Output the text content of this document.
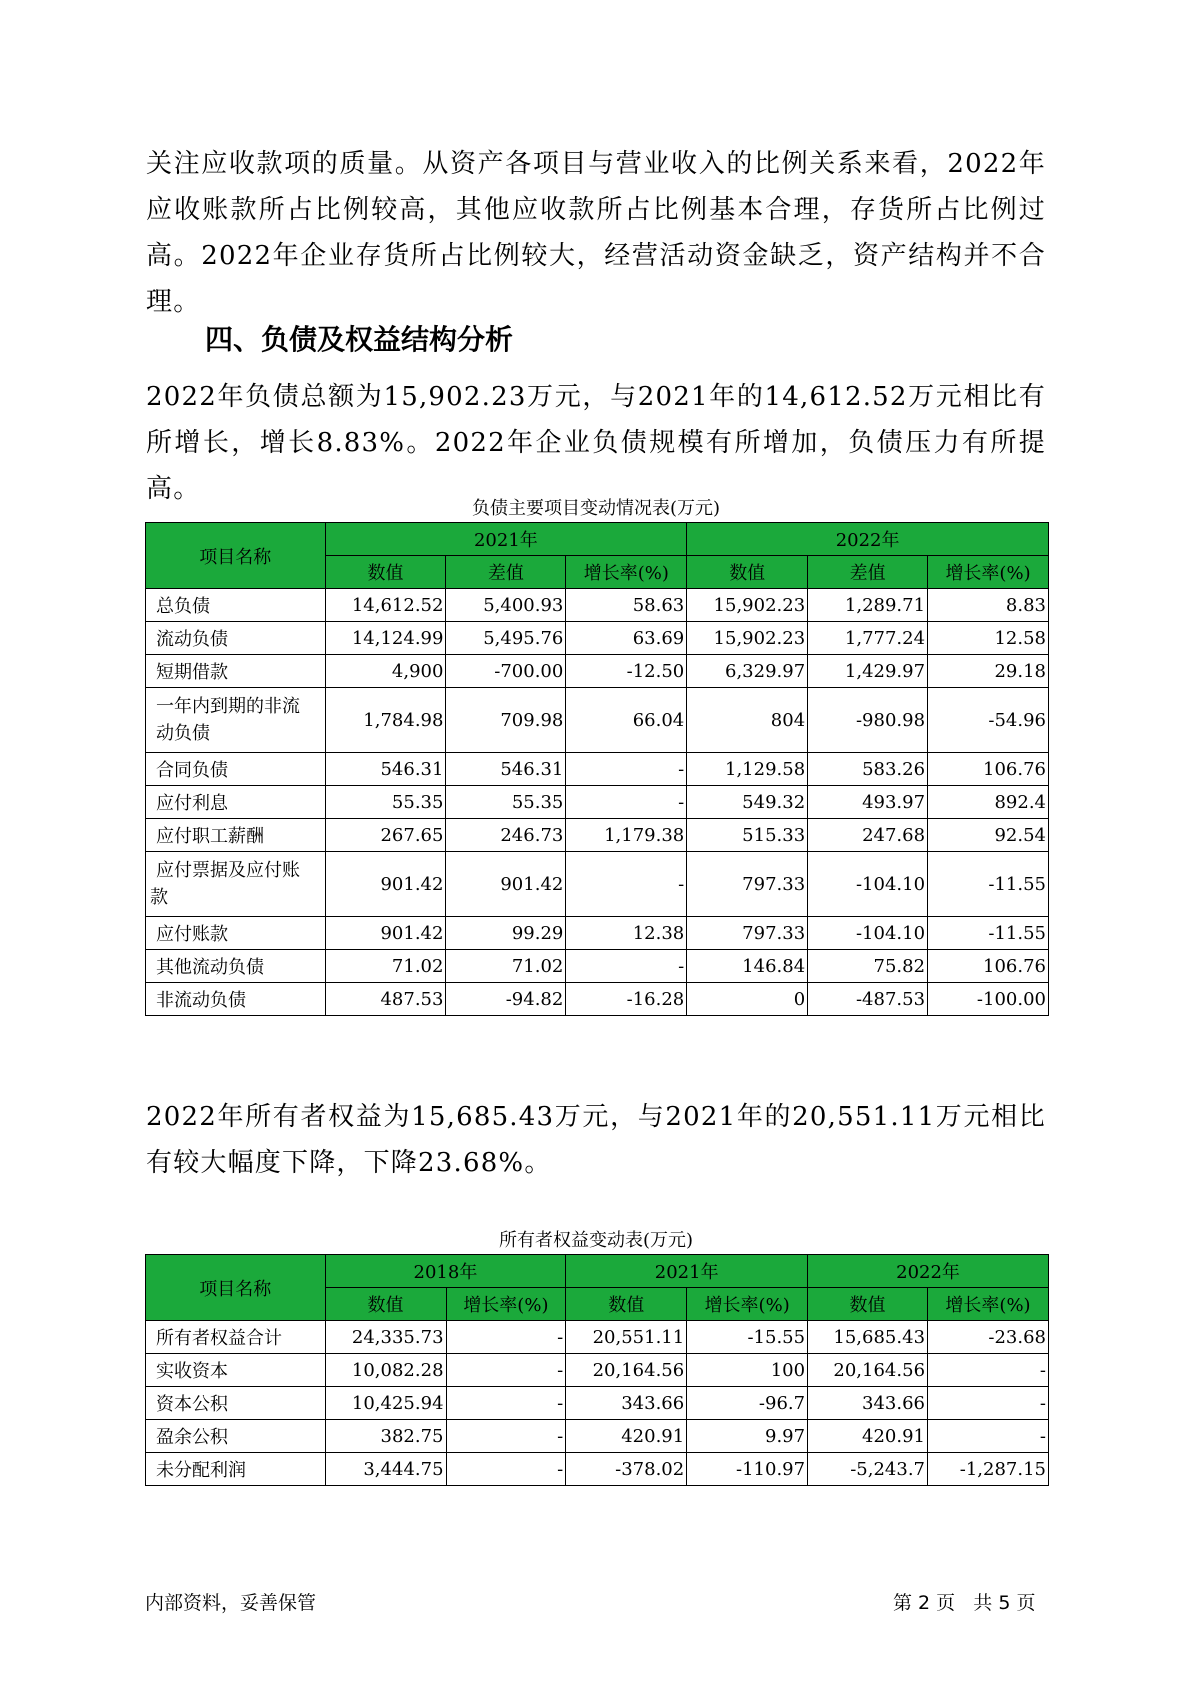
关注应收款项的质量。从资产各项目与营业收入的比例关系来看，2022年应收账款所占比例较高，其他应收款所占比例基本合理，存货所占比例过高。2022年企业存货所占比例较大，经营活动资金缺乏，资产结构并不合理。

四、负债及权益结构分析

2022年负债总额为15,902.23万元，与2021年的14,612.52万元相比有所增长，增长8.83%。2022年企业负债规模有所增加，负债压力有所提高。

负债主要项目变动情况表(万元)

项目名称	2021年			2022年		
	数值	差值	增长率(%)	数值	差值	增长率(%)
总负债	14,612.52	5,400.93	58.63	15,902.23	1,289.71	8.83
流动负债	14,124.99	5,495.76	63.69	15,902.23	1,777.24	12.58
短期借款	4,900	-700.00	-12.50	6,329.97	1,429.97	29.18

一年内到期的非流
动负债	1,784.98	709.98	66.04	804	-980.98	-54.96
合同负债	546.31	546.31	-	1,129.58	583.26	106.76
应付利息	55.35	55.35	-	549.32	493.97	892.4
应付职工薪酬	267.65	246.73	1,179.38	515.33	247.68	92.54

应付票据及应付账
款	901.42	901.42	-	797.33	-104.10	-11.55
应付账款	901.42	99.29	12.38	797.33	-104.10	-11.55
其他流动负债	71.02	71.02	-	146.84	75.82	106.76
非流动负债	487.53	-94.82	-16.28	0	-487.53	-100.00

2022年所有者权益为15,685.43万元，与2021年的20,551.11万元相比有较大幅度下降，下降23.68%。

所有者权益变动表(万元)

项目名称	2018年		2021年		2022年	
	数值	增长率(%)	数值	增长率(%)	数值	增长率(%)
所有者权益合计	24,335.73	-	20,551.11	-15.55	15,685.43	-23.68
实收资本	10,082.28	-	20,164.56	100	20,164.56	-
资本公积	10,425.94	-	343.66	-96.7	343.66	-
盈余公积	382.75	-	420.91	9.97	420.91	-
未分配利润	3,444.75	-	-378.02	-110.97	-5,243.7	-1,287.15
内部资料，妥善保管	第 2 页   共 5 页
